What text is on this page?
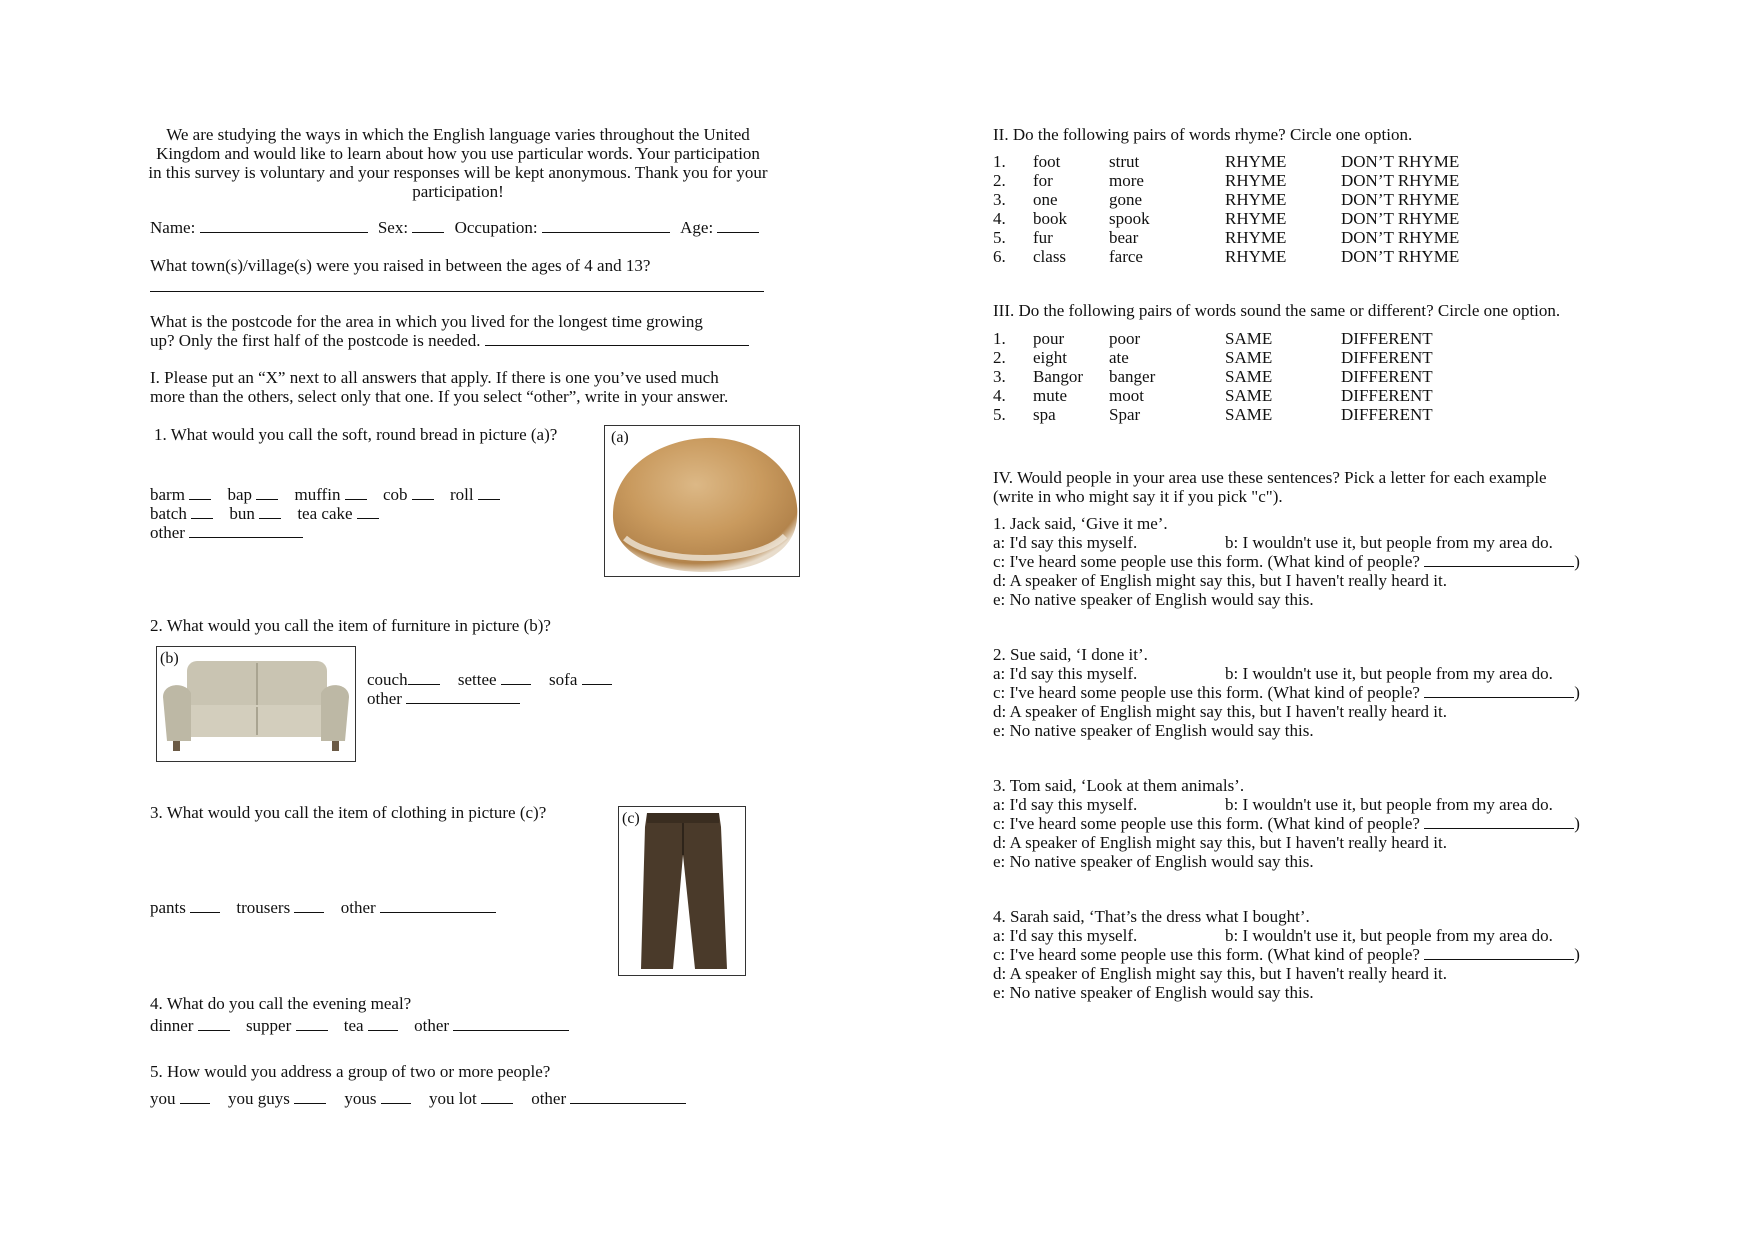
We are studying the ways in which the English language varies throughout the United Kingdom and would like to learn about how you use particular words. Your participation in this survey is voluntary and your responses will be kept anonymous. Thank you for your participation!
Name:	Sex:	Occupation:	Age:
What town(s)/village(s) were you raised in between the ages of 4 and 13?
What is the postcode for the area in which you lived for the longest time growing
up? Only the first half of the postcode is needed.
I. Please put an “X” next to all answers that apply. If there is one you’ve used much
more than the others, select only that one. If you select “other”, write in your answer.
1. What would you call the soft, round bread in picture (a)?	(a)
barm	bap	muffin	cob	roll
batch	bun	tea cake
other
2. What would you call the item of furniture in picture (b)?
(b)
couch	settee	sofa
other
3. What would you call the item of clothing in picture (c)?	(c)
pants	trousers	other
4. What do you call the evening meal?
dinner	supper	tea	other
5. How would you address a group of two or more people?
you	you guys	yous	you lot	other
II. Do the following pairs of words rhyme? Circle one option.
1.	foot	strut	RHYME	DON’T RHYME
2.	for	more	RHYME	DON’T RHYME
3.	one	gone	RHYME	DON’T RHYME
4.	book	spook	RHYME	DON’T RHYME
5.	fur	bear	RHYME	DON’T RHYME
6.	class	farce	RHYME	DON’T RHYME
III. Do the following pairs of words sound the same or different? Circle one option.
1.	pour	poor	SAME	DIFFERENT
2.	eight	ate	SAME	DIFFERENT
3.	Bangor	banger	SAME	DIFFERENT
4.	mute	moot	SAME	DIFFERENT
5.	spa	Spar	SAME	DIFFERENT
IV. Would people in your area use these sentences? Pick a letter for each example
(write in who might say it if you pick "c").
1. Jack said, ‘Give it me’.
a: I'd say this myself.	b: I wouldn't use it, but people from my area do.
c: I've heard some people use this form. (What kind of people?	)
d: A speaker of English might say this, but I haven't really heard it.
e: No native speaker of English would say this.
2. Sue said, ‘I done it’.
a: I'd say this myself.	b: I wouldn't use it, but people from my area do.
c: I've heard some people use this form. (What kind of people?	)
d: A speaker of English might say this, but I haven't really heard it.
e: No native speaker of English would say this.
3. Tom said, ‘Look at them animals’.
a: I'd say this myself.	b: I wouldn't use it, but people from my area do.
c: I've heard some people use this form. (What kind of people?	)
d: A speaker of English might say this, but I haven't really heard it.
e: No native speaker of English would say this.
4. Sarah said, ‘That’s the dress what I bought’.
a: I'd say this myself.	b: I wouldn't use it, but people from my area do.
c: I've heard some people use this form. (What kind of people?	)
d: A speaker of English might say this, but I haven't really heard it.
e: No native speaker of English would say this.
